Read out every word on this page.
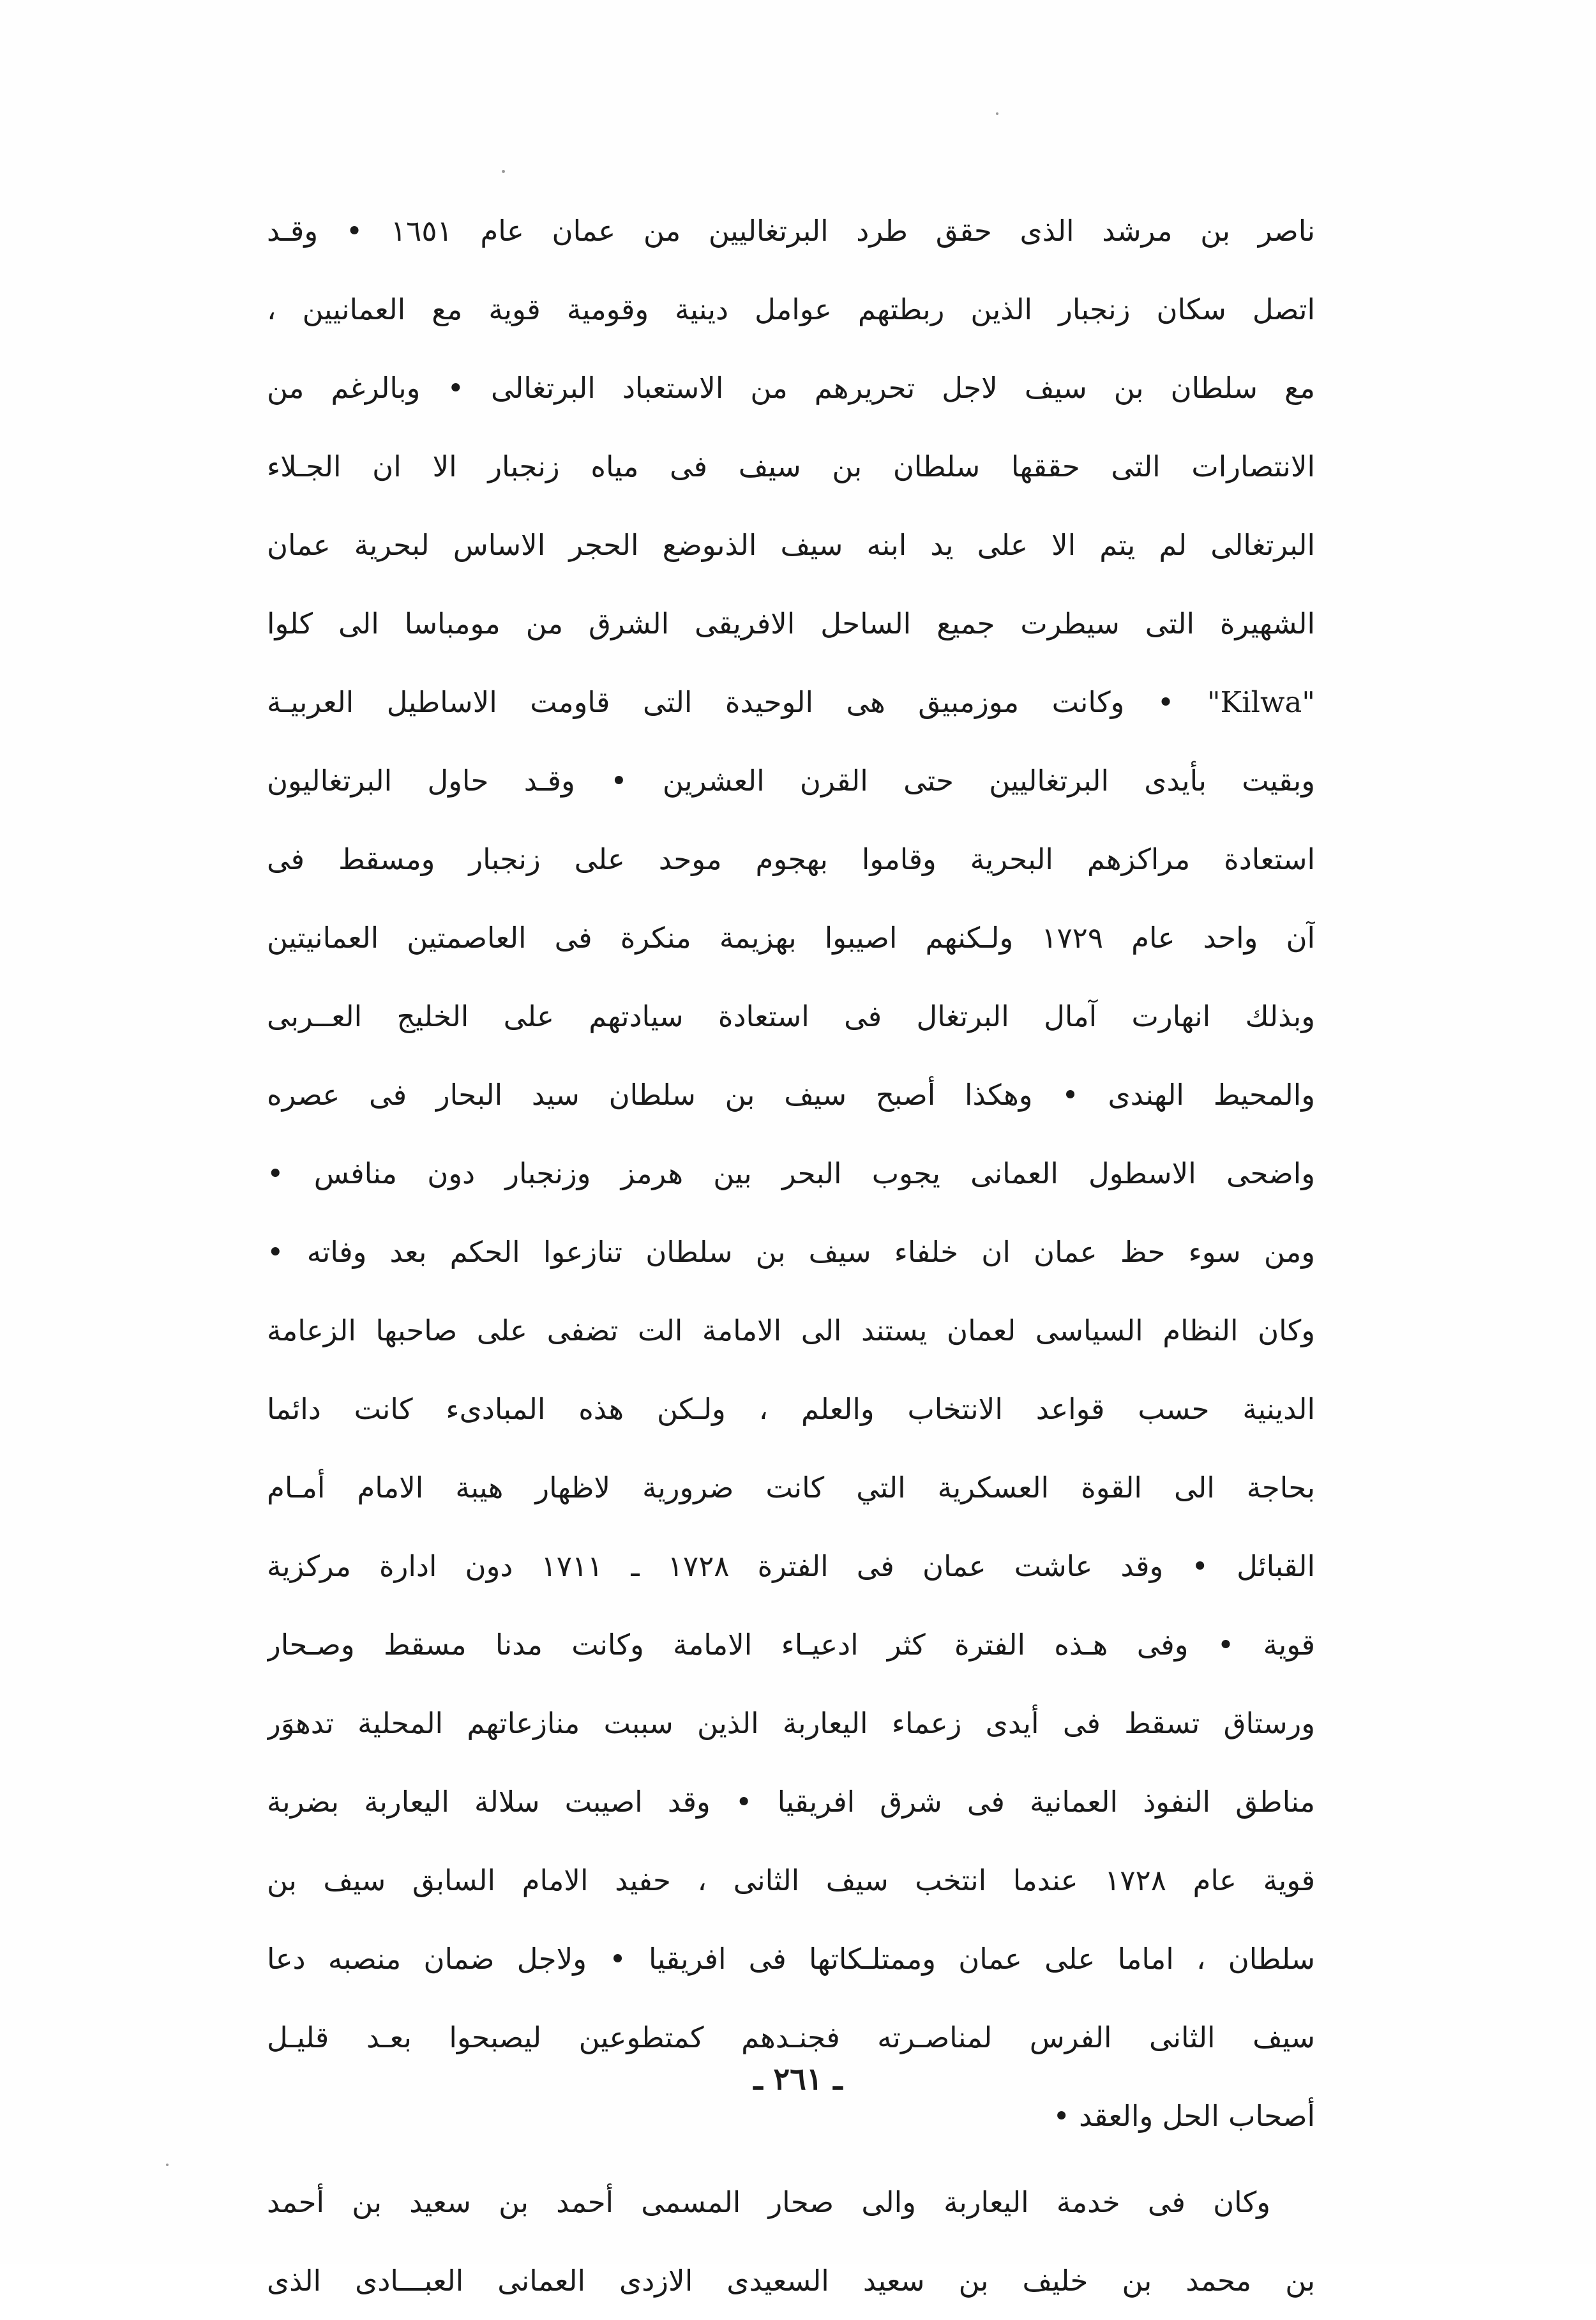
ناصر بن مرشد الذى حقق طرد البرتغاليين من عمان عام ١٦٥١ • وقـد
اتصل سكان زنجبار الذين ربطتهم عوامل دينية وقومية قوية مع العمانيين ،
مع سلطان بن سيف لاجل تحريرهم من الاستعباد البرتغالى • وبالرغم من
الانتصارات التى حققها سلطان بن سيف فى مياه زنجبار الا ان الجـلاء
البرتغالى لم يتم الا على يد ابنه سيف الذىوضع الحجر الاساس لبحرية عمان
الشهيرة التى سيطرت جميع الساحل الافريقى الشرق من مومباسا الى كلوا
"Kilwa" • وكانت موزمبيق هى الوحيدة التى قاومت الاساطيل العربيـة
وبقيت بأيدى البرتغاليين حتى القرن العشرين • وقـد حاول البرتغاليون
استعادة مراكزهم البحرية وقاموا بهجوم موحد على زنجبار ومسقط فى
آن واحد عام ١٧٢٩ ولـكنهم اصيبوا بهزيمة منكرة فى العاصمتين العمانيتين
وبذلك انهارت آمال البرتغال فى استعادة سيادتهم على الخليج العــربى
والمحيط الهندى • وهكذا أصبح سيف بن سلطان سيد البحار فى عصره
واضحى الاسطول العمانى يجوب البحر بين هرمز وزنجبار دون منافس •
ومن سوء حظ عمان ان خلفاء سيف بن سلطان تنازعوا الحكم بعد وفاته •
وكان النظام السياسى لعمان يستند الى الامامة الت تضفى على صاحبها الزعامة
الدينية حسب قواعد الانتخاب والعلم ، ولـكن هذه المبادىء كانت دائما
بحاجة الى القوة العسكرية التي كانت ضرورية لاظهار هيبة الامام أمـام
القبائل • وقد عاشت عمان فى الفترة ١٧٢٨ ـ ١٧١١ دون ادارة مركزية
قوية • وفى هـذه الفترة كثر ادعيـاء الامامة وكانت مدنا مسقط وصـحار
ورستاق تسقط فى أيدى زعماء اليعاربة الذين سببت منازعاتهم المحلية تدهوَر
مناطق النفوذ العمانية فى شرق افريقيا • وقد اصيبت سلالة اليعاربة بضربة
قوية عام ١٧٢٨ عندما انتخب سيف الثانى ، حفيد الامام السابق سيف بن
سلطان ، اماما على عمان وممتلـكاتها فى افريقيا • ولاجل ضمان منصبه دعا
سيف الثانى الفرس لمناصـرته فجنـدهم كمتطوعين ليصبحوا بعـد قليـل
أصحاب الحل والعقد •
وكان فى خدمة اليعاربة والى صحار المسمى أحمد بن سعيد بن أحمد
بن محمد بن خليف بن سعيد السعيدى الازدى العمانى العبـــادى الذى
ـ ٢٦١ ـ
